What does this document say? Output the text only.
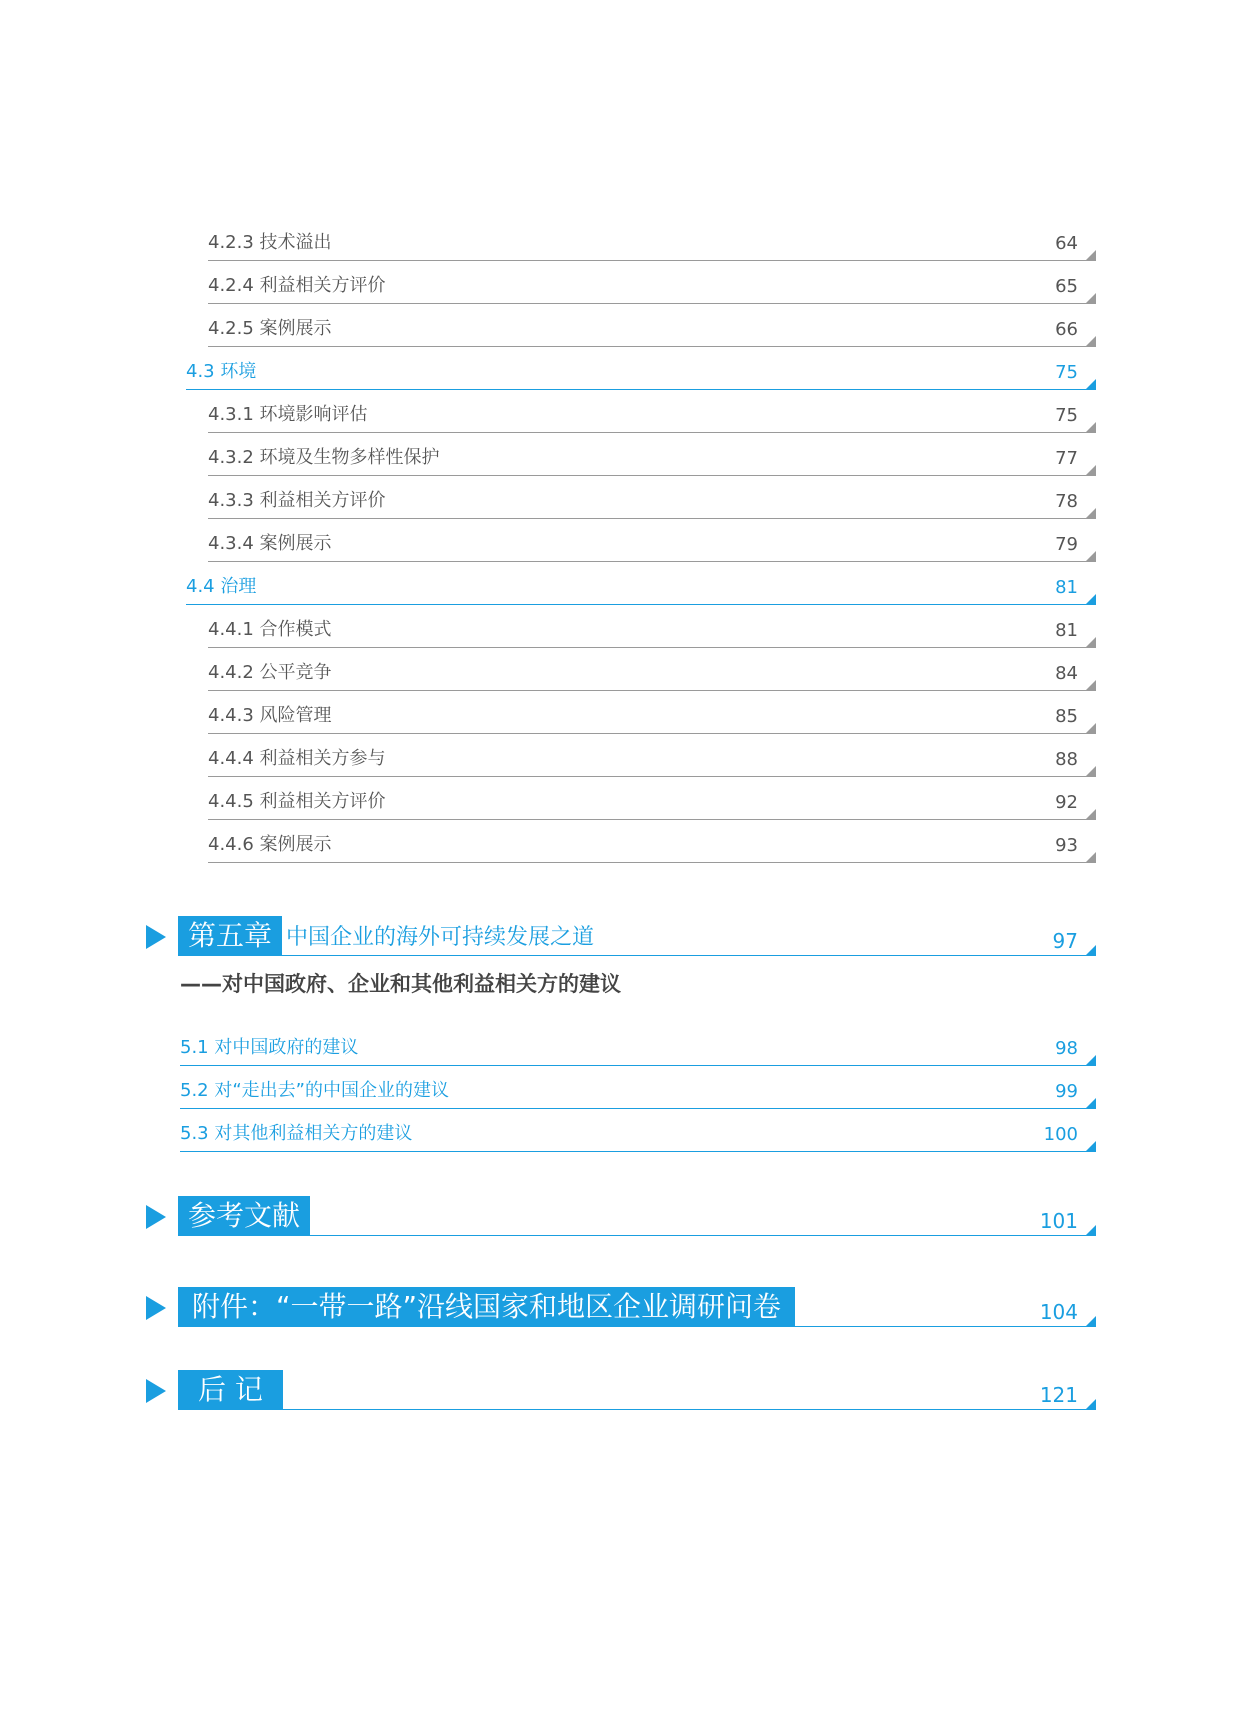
4.2.3 技术溢出	64
4.2.4 利益相关方评价	65
4.2.5 案例展示	66
4.3 环境	75
4.3.1 环境影响评估	75
4.3.2 环境及生物多样性保护	77
4.3.3 利益相关方评价	78
4.3.4 案例展示	79
4.4 治理	81
4.4.1 合作模式	81
4.4.2 公平竞争	84
4.4.3 风险管理	85
4.4.4 利益相关方参与	88
4.4.5 利益相关方评价	92
4.4.6 案例展示	93
第五章 中国企业的海外可持续发展之道	97
——对中国政府、企业和其他利益相关方的建议
5.1 对中国政府的建议	98
5.2 对“走出去”的中国企业的建议	99
5.3 对其他利益相关方的建议	100
参考文献	101
附件：“一带一路”沿线国家和地区企业调研问卷	104
后 记	121
